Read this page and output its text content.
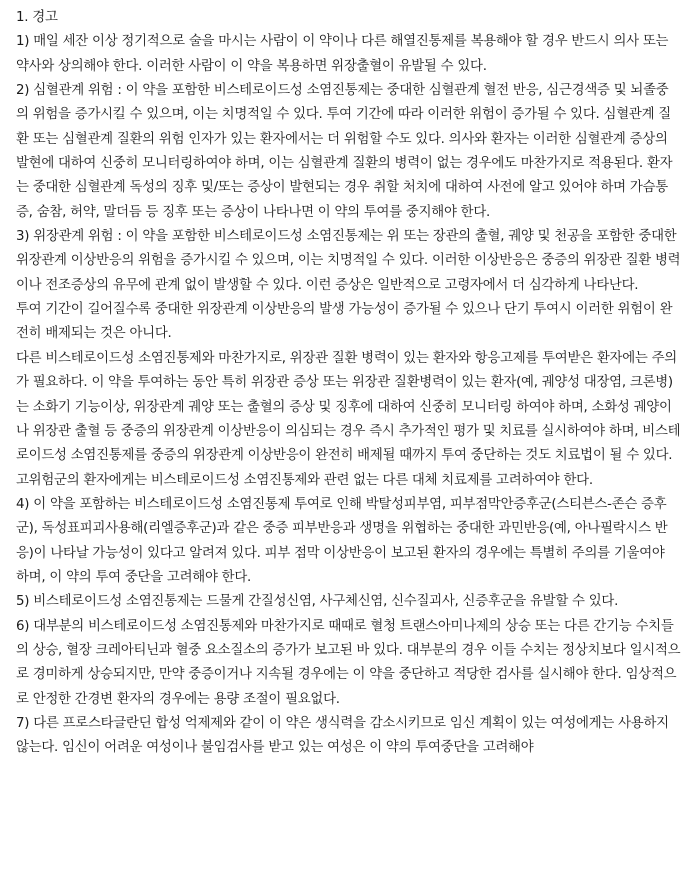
1. 경고

1) 매일 세잔 이상 정기적으로 술을 마시는 사람이 이 약이나 다른 해열진통제를 복용해야 할 경우 반드시 의사 또는 약사와 상의해야 한다. 이러한 사람이 이 약을 복용하면 위장출혈이 유발될 수 있다.

2) 심혈관계 위험 : 이 약을 포함한 비스테로이드성 소염진통제는 중대한 심혈관계 혈전 반응, 심근경색증 및 뇌졸중의 위험을 증가시킬 수 있으며, 이는 치명적일 수 있다. 투여 기간에 따라 이러한 위험이 증가될 수 있다. 심혈관계 질환 또는 심혈관계 질환의 위험 인자가 있는 환자에서는 더 위험할 수도 있다. 의사와 환자는 이러한 심혈관계 증상의 발현에 대하여 신중히 모니터링하여야 하며, 이는 심혈관계 질환의 병력이 없는 경우에도 마찬가지로 적용된다. 환자는 중대한 심혈관계 독성의 징후 및/또는 증상이 발현되는 경우 취할 처치에 대하여 사전에 알고 있어야 하며 가슴통증, 숨참, 허약, 말더듬 등 징후 또는 증상이 나타나면 이 약의 투여를 중지해야 한다.

3) 위장관계 위험 : 이 약을 포함한 비스테로이드성 소염진통제는 위 또는 장관의 출혈, 궤양 및 천공을 포함한 중대한 위장관계 이상반응의 위험을 증가시킬 수 있으며, 이는 치명적일 수 있다. 이러한 이상반응은 중증의 위장관 질환 병력이나 전조증상의 유무에 관계 없이 발생할 수 있다. 이런 증상은 일반적으로 고령자에서 더 심각하게 나타난다.

투여 기간이 길어질수록 중대한 위장관계 이상반응의 발생 가능성이 증가될 수 있으나 단기 투여시 이러한 위험이 완전히 배제되는 것은 아니다.

다른 비스테로이드성 소염진통제와 마찬가지로, 위장관 질환 병력이 있는 환자와 항응고제를 투여받은 환자에는 주의가 필요하다. 이 약을 투여하는 동안 특히 위장관 증상 또는 위장관 질환병력이 있는 환자(예, 궤양성 대장염, 크론병)는 소화기 기능이상, 위장관계 궤양 또는 출혈의 증상 및 징후에 대하여 신중히 모니터링 하여야 하며, 소화성 궤양이나 위장관 출혈 등 중증의 위장관계 이상반응이 의심되는 경우 즉시 추가적인 평가 및 치료를 실시하여야 하며, 비스테로이드성 소염진통제를 중증의 위장관계 이상반응이 완전히 배제될 때까지 투여 중단하는 것도 치료법이 될 수 있다. 고위험군의 환자에게는 비스테로이드성 소염진통제와 관련 없는 다른 대체 치료제를 고려하여야 한다.

4) 이 약을 포함하는 비스테로이드성 소염진통제 투여로 인해 박탈성피부염, 피부점막안증후군(스티븐스-존슨 증후군), 독성표피괴사용해(리엘증후군)과 같은 중증 피부반응과 생명을 위협하는 중대한 과민반응(예, 아나필락시스 반응)이 나타날 가능성이 있다고 알려져 있다. 피부 점막 이상반응이 보고된 환자의 경우에는 특별히 주의를 기울여야 하며, 이 약의 투여 중단을 고려해야 한다.

5) 비스테로이드성 소염진통제는 드물게 간질성신염, 사구체신염, 신수질괴사, 신증후군을 유발할 수 있다.

6) 대부분의 비스테로이드성 소염진통제와 마찬가지로 때때로 혈청 트랜스아미나제의 상승 또는 다른 간기능 수치들의 상승, 혈장 크레아티닌과 혈중 요소질소의 증가가 보고된 바 있다. 대부분의 경우 이들 수치는 정상치보다 일시적으로 경미하게 상승되지만, 만약 중증이거나 지속될 경우에는 이 약을 중단하고 적당한 검사를 실시해야 한다. 임상적으로 안정한 간경변 환자의 경우에는 용량 조절이 필요없다.

7) 다른 프로스타글란딘 합성 억제제와 같이 이 약은 생식력을 감소시키므로 임신 계획이 있는 여성에게는 사용하지 않는다. 임신이 어려운 여성이나 불임검사를 받고 있는 여성은 이 약의 투여중단을 고려해야
